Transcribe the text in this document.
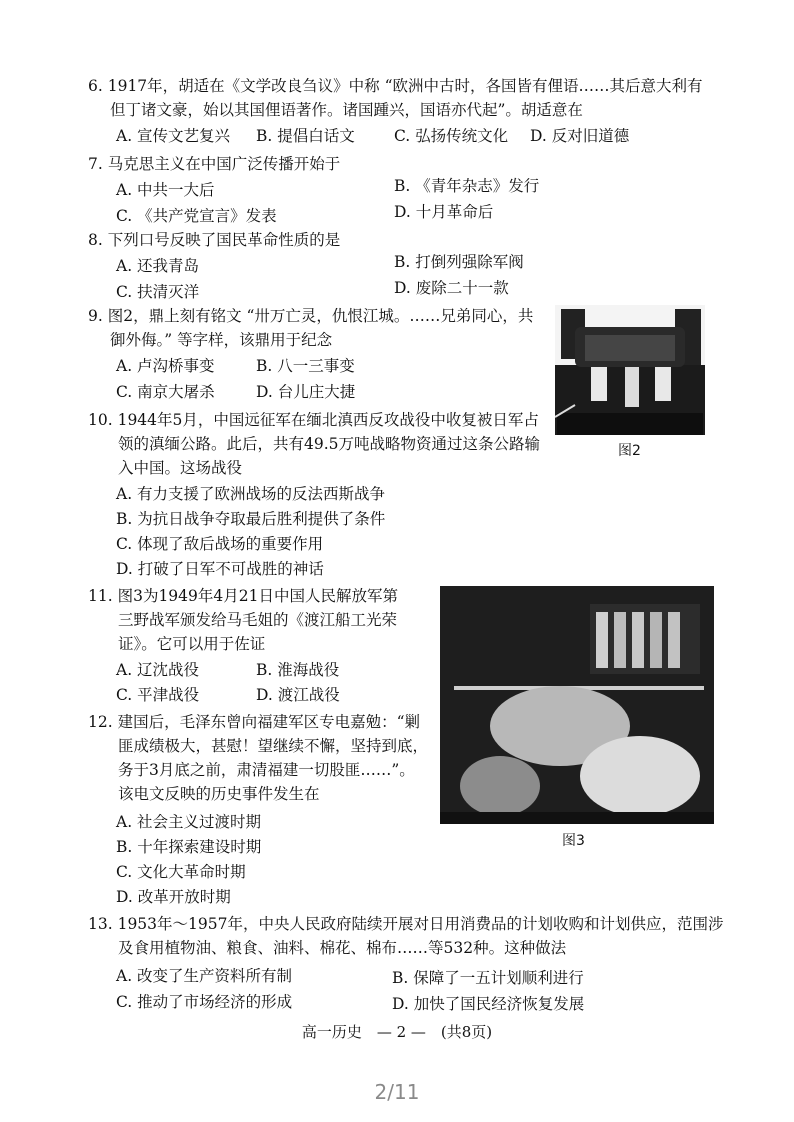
6. 1917年，胡适在《文学改良刍议》中称 “欧洲中古时，各国皆有俚语……其后意大利有
但丁诸文豪，始以其国俚语著作。诸国踵兴，国语亦代起”。胡适意在
A. 宣传文艺复兴 B. 提倡白话文	C. 弘扬传统文化 D. 反对旧道德
7. 马克思主义在中国广泛传播开始于
A. 中共一大后	B. 《青年杂志》发行
C. 《共产党宣言》发表	D. 十月革命后
8. 下列口号反映了国民革命性质的是
A. 还我青岛	B. 打倒列强除军阀
C. 扶清灭洋	D. 废除二十一款
9. 图2，鼎上刻有铭文 “卅万亡灵，仇恨江城。……兄弟同心，共
御外侮。” 等字样，该鼎用于纪念
A. 卢沟桥事变	B. 八一三事变
C. 南京大屠杀	D. 台儿庄大捷
图2
10. 1944年5月，中国远征军在缅北滇西反攻战役中收复被日军占
领的滇缅公路。此后，共有49.5万吨战略物资通过这条公路输
入中国。这场战役
A. 有力支援了欧洲战场的反法西斯战争
B. 为抗日战争夺取最后胜利提供了条件
C. 体现了敌后战场的重要作用
D. 打破了日军不可战胜的神话
11. 图3为1949年4月21日中国人民解放军第
三野战军颁发给马毛姐的《渡江船工光荣
证》。它可以用于佐证
A. 辽沈战役	B. 淮海战役
C. 平津战役	D. 渡江战役
图3
12. 建国后，毛泽东曾向福建军区专电嘉勉：“剿
匪成绩极大，甚慰！望继续不懈，坚持到底，
务于3月底之前，肃清福建一切股匪……”。
该电文反映的历史事件发生在
A. 社会主义过渡时期
B. 十年探索建设时期
C. 文化大革命时期
D. 改革开放时期
13. 1953年～1957年，中央人民政府陆续开展对日用消费品的计划收购和计划供应，范围涉
及食用植物油、粮食、油料、棉花、棉布……等532种。这种做法
A. 改变了生产资料所有制	B. 保障了一五计划顺利进行
C. 推动了市场经济的形成	D. 加快了国民经济恢复发展
高一历史　— 2 —　(共8页)
2/11
